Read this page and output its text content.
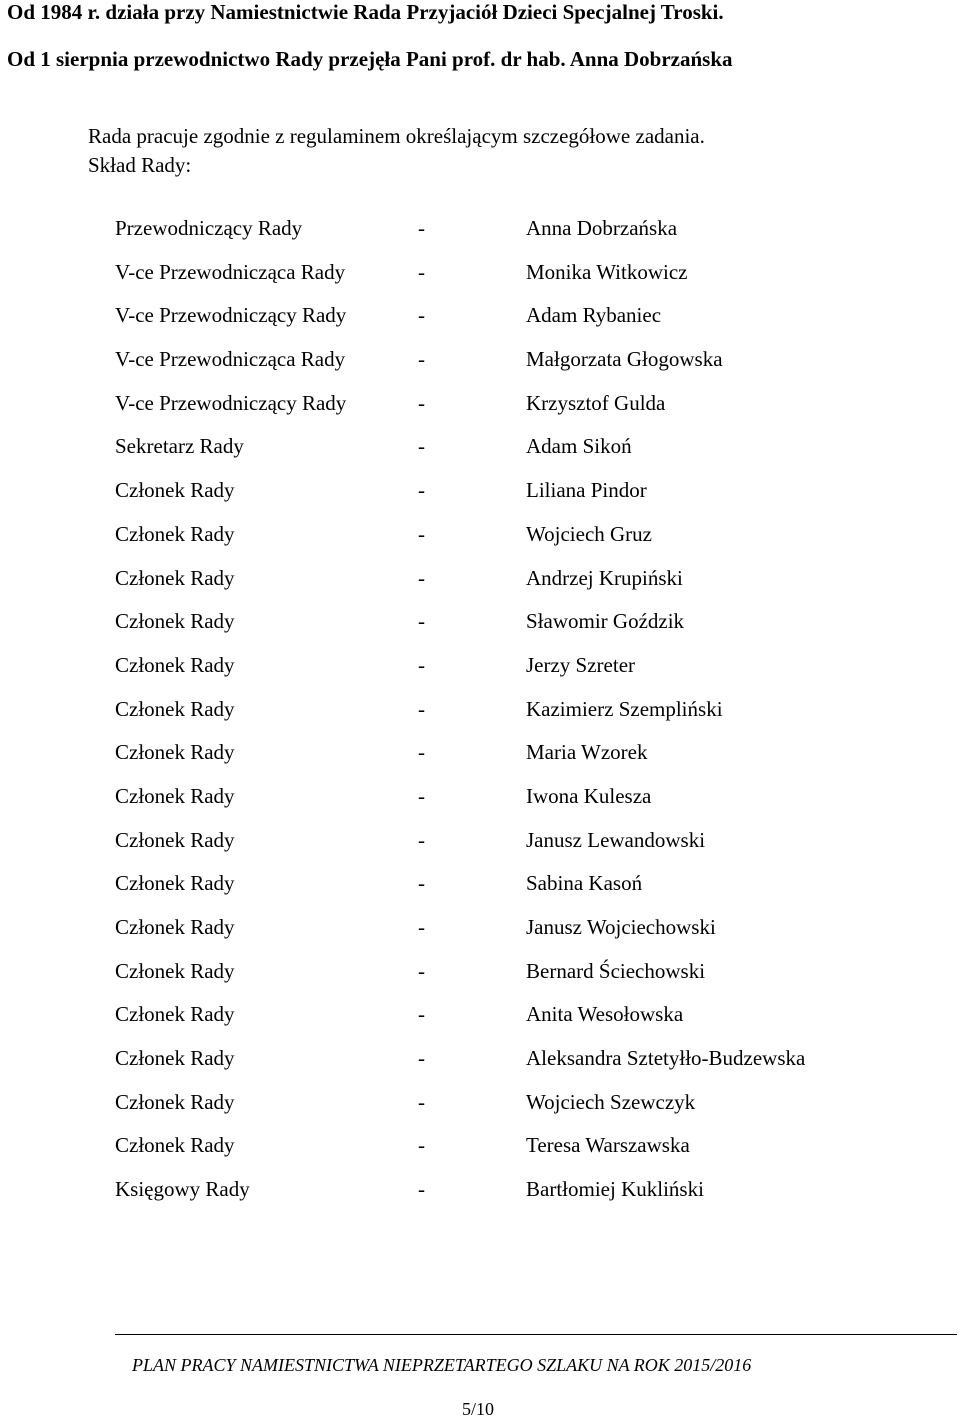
Od 1984 r. działa przy Namiestnictwie Rada Przyjaciół Dzieci Specjalnej Troski.
Od 1 sierpnia przewodnictwo Rady przejęła Pani prof. dr hab. Anna Dobrzańska
Rada pracuje zgodnie z regulaminem określającym szczegółowe zadania.
Skład Rady:
Przewodniczący Rady	-	Anna Dobrzańska
V-ce Przewodnicząca Rady	-	Monika Witkowicz
V-ce Przewodniczący Rady	-	Adam Rybaniec
V-ce Przewodnicząca Rady	-	Małgorzata Głogowska
V-ce Przewodniczący Rady	-	Krzysztof Gulda
Sekretarz Rady	-	Adam Sikoń
Członek Rady	-	Liliana Pindor
Członek Rady	-	Wojciech Gruz
Członek Rady	-	Andrzej Krupiński
Członek Rady	-	Sławomir Goździk
Członek Rady	-	Jerzy Szreter
Członek Rady	-	Kazimierz Szempliński
Członek Rady	-	Maria Wzorek
Członek Rady	-	Iwona Kulesza
Członek Rady	-	Janusz Lewandowski
Członek Rady	-	Sabina Kasoń
Członek Rady	-	Janusz Wojciechowski
Członek Rady	-	Bernard Ściechowski
Członek Rady	-	Anita Wesołowska
Członek Rady	-	Aleksandra Sztetyłło-Budzewska
Członek Rady	-	Wojciech Szewczyk
Członek Rady	-	Teresa Warszawska
Księgowy Rady	-	Bartłomiej Kukliński
PLAN PRACY NAMIESTNICTWA NIEPRZETARTEGO SZLAKU NA ROK 2015/2016
5/10
